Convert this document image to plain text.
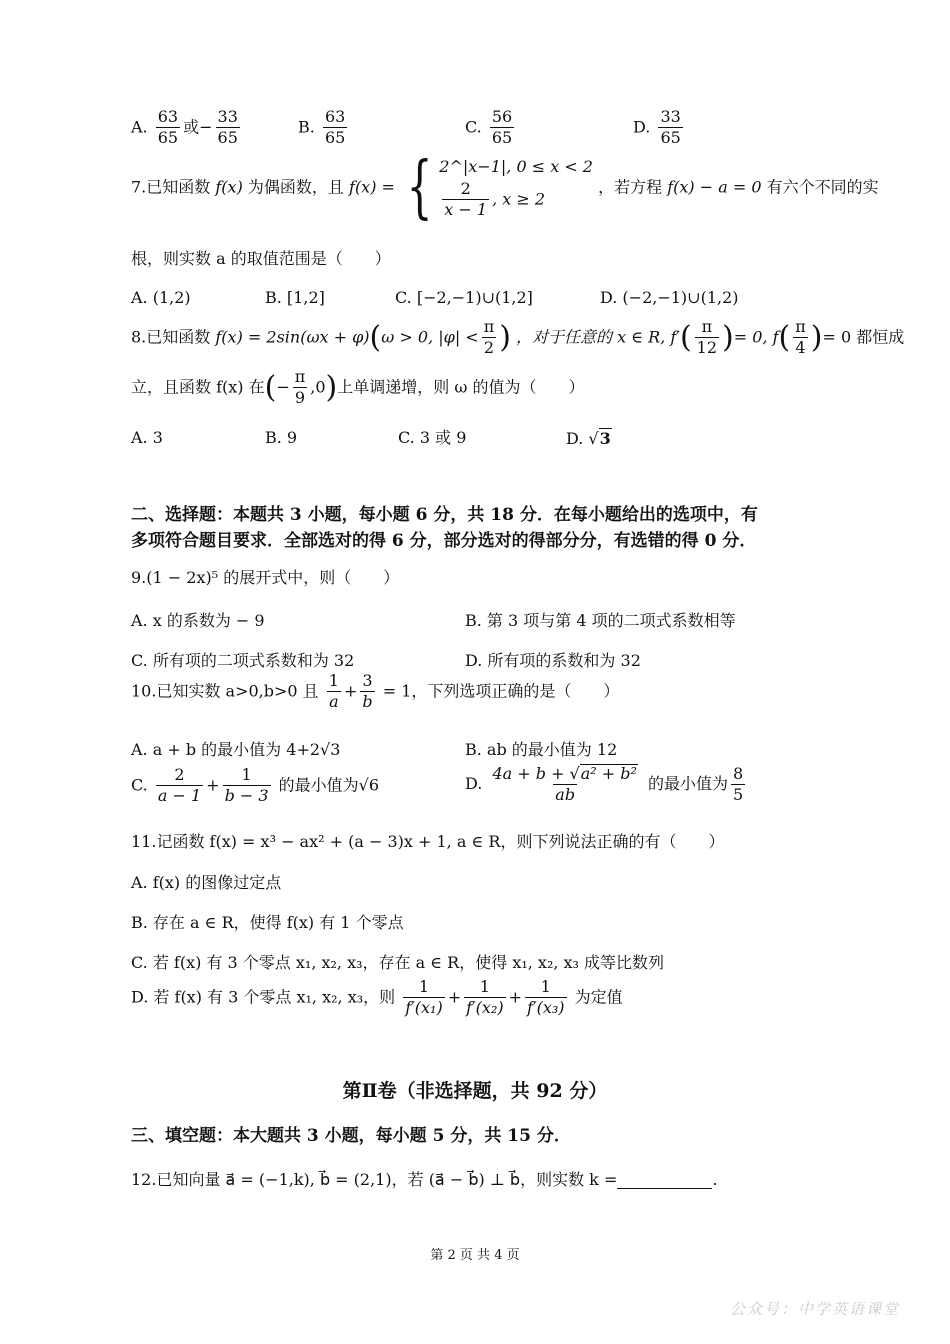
A. $\frac{63}{65}$ 或− $\frac{33}{65}$	B. $\frac{63}{65}$	C. $\frac{56}{65}$	D. $\frac{33}{65}$
7.已知函数 f(x) 为偶函数，且 f(x) = { 2^|x−1|, 0 ≤ x < 2
$\frac{2}{x - 1}$ , x ≥ 2
，若方程 f(x) − a = 0 有六个不同的实
根，则实数 a 的取值范围是（　　）
A. (1,2)	B. [1,2]	C. [−2,−1)∪(1,2]	D. (−2,−1)∪(1,2)
8.已知函数 f(x) = 2sin(ωx + φ)(ω > 0, $|\varphi| < \frac{\pi}{2}$ ) ，对于任意的 x ∈ R, $f'( \frac{\pi}{12}$ )= 0, $f( \frac{\pi}{4}$ )= 0 都恒成
立，且函数 f(x) 在(− $\frac{\pi}{9} ,0$)上单调递增，则 ω 的值为（　　）
A. 3	B. 9	C. 3 或 9	D. √3
二、选择题：本题共 3 小题，每小题 6 分，共 18 分．在每小题给出的选项中，有
多项符合题目要求．全部选对的得 6 分，部分选对的得部分分，有选错的得 0 分．
9.(1 − 2x)⁵ 的展开式中，则（　　）
A. x 的系数为 − 9	B. 第 3 项与第 4 项的二项式系数相等
C. 所有项的二项式系数和为 32	D. 所有项的系数和为 32
10.已知实数 a>0,b>0 且 $\frac{1}{a} + \frac{3}{b} = 1$，下列选项正确的是（　　）
A. a + b 的最小值为 4+2√3	B. ab 的最小值为 12
C. $\frac{2}{a - 1} + \frac{1}{b - 3}$ 的最小值为√6	D. $\frac{\text{4a + b + √a² + b²}}{ab}$ 的最小值为 $\frac{8}{5}$
11.记函数 f(x) = x³ − ax² + (a − 3)x + 1, a ∈ R，则下列说法正确的有（　　）
A. f(x) 的图像过定点
B. 存在 a ∈ R，使得 f(x) 有 1 个零点
C. 若 f(x) 有 3 个零点 x₁, x₂, x₃，存在 a ∈ R，使得 x₁, x₂, x₃ 成等比数列
D. 若 f(x) 有 3 个零点 x₁, x₂, x₃，则 $\frac{1}{\text{f′(x₁)}} + \frac{1}{\text{f′(x₂)}} + \frac{1}{\text{f′(x₃)}}$ 为定值
第Ⅱ卷（非选择题，共 92 分）
三、填空题：本大题共 3 小题，每小题 5 分，共 15 分．
12.已知向量 a⃗ = (−1,k), b⃗ = (2,1)，若 (a⃗ − b⃗) ⊥ b⃗，则实数 k =	.
第 2 页 共 4 页
公众号：中学英语课堂
